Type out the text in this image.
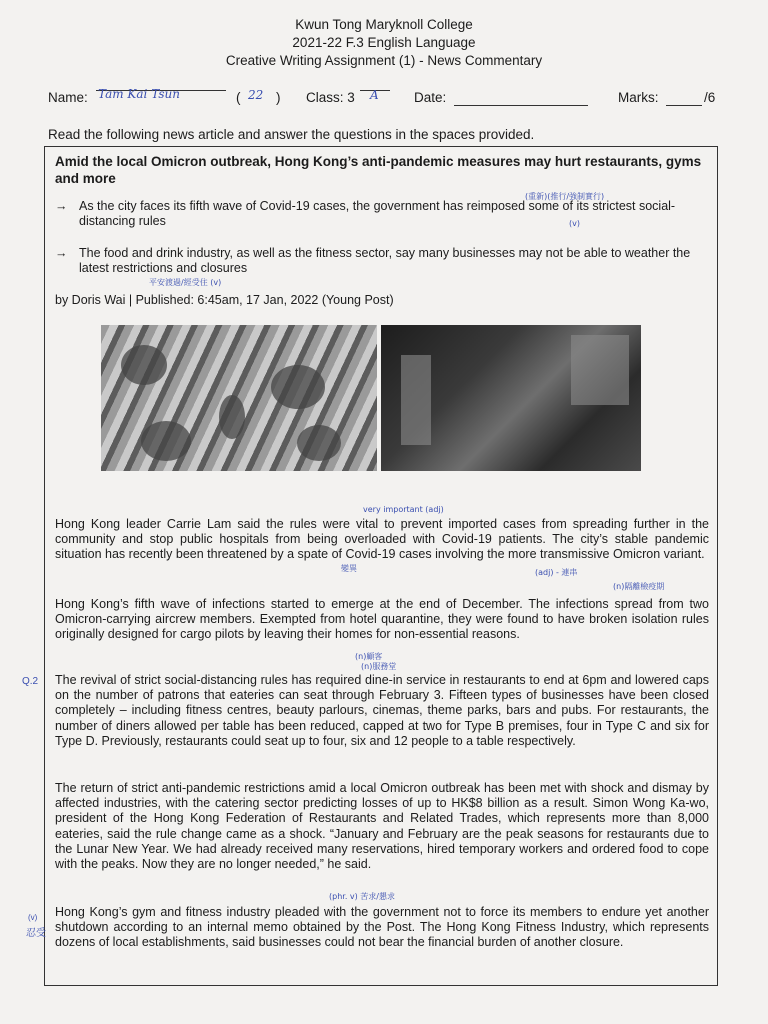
Kwun Tong Maryknoll College
2021-22 F.3 English Language
Creative Writing Assignment (1) - News Commentary
Name: Tam Kai Tsun	( 22 ) Class: 3 A	Date:	Marks:	/6
Read the following news article and answer the questions in the spaces provided.
Amid the local Omicron outbreak, Hong Kong’s anti-pandemic measures may hurt restaurants, gyms and more
(重新)(推行/強制實行)
→ As the city faces its fifth wave of Covid-19 cases, the government has reimposed some of its strictest social-distancing rules	(v)
→ The food and drink industry, as well as the fitness sector, say many businesses may not be able to weather the latest restrictions and closures
平安渡過/經受住 (v)
by Doris Wai | Published: 6:45am, 17 Jan, 2022 (Young Post)
very important (adj)
Hong Kong leader Carrie Lam said the rules were vital to prevent imported cases from spreading further in the community and stop public hospitals from being overloaded with Covid-19 patients. The city’s stable pandemic situation has recently been threatened by a spate of Covid-19 cases involving the more transmissive Omicron variant.
變異	(adj) - 連串
(n)隔離檢疫期
Hong Kong’s fifth wave of infections started to emerge at the end of December. The infections spread from two Omicron-carrying aircrew members. Exempted from hotel quarantine, they were found to have broken isolation rules originally designed for cargo pilots by leaving their homes for non-essential reasons.
(n)顧客
(n)服務堂
The revival of strict social-distancing rules has required dine-in service in restaurants to end at 6pm and lowered caps on the number of patrons that eateries can seat through February 3. Fifteen types of businesses have been closed completely – including fitness centres, beauty parlours, cinemas, theme parks, bars and pubs. For restaurants, the number of diners allowed per table has been reduced, capped at two for Type B premises, four in Type C and six for Type D. Previously, restaurants could seat up to four, six and 12 people to a table respectively.
The return of strict anti-pandemic restrictions amid a local Omicron outbreak has been met with shock and dismay by affected industries, with the catering sector predicting losses of up to HK$8 billion as a result. Simon Wong Ka-wo, president of the Hong Kong Federation of Restaurants and Related Trades, which represents more than 8,000 eateries, said the rule change came as a shock. “January and February are the peak seasons for restaurants due to the Lunar New Year. We had already received many reservations, hired temporary workers and ordered food to cope with the peaks. Now they are no longer needed,” he said.
(phr. v) 苦求/懇求
Hong Kong’s gym and fitness industry pleaded with the government not to force its members to endure yet another shutdown according to an internal memo obtained by the Post. The Hong Kong Fitness Industry, which represents dozens of local establishments, said businesses could not bear the financial burden of another closure.
Q.2
(v)
忍受
